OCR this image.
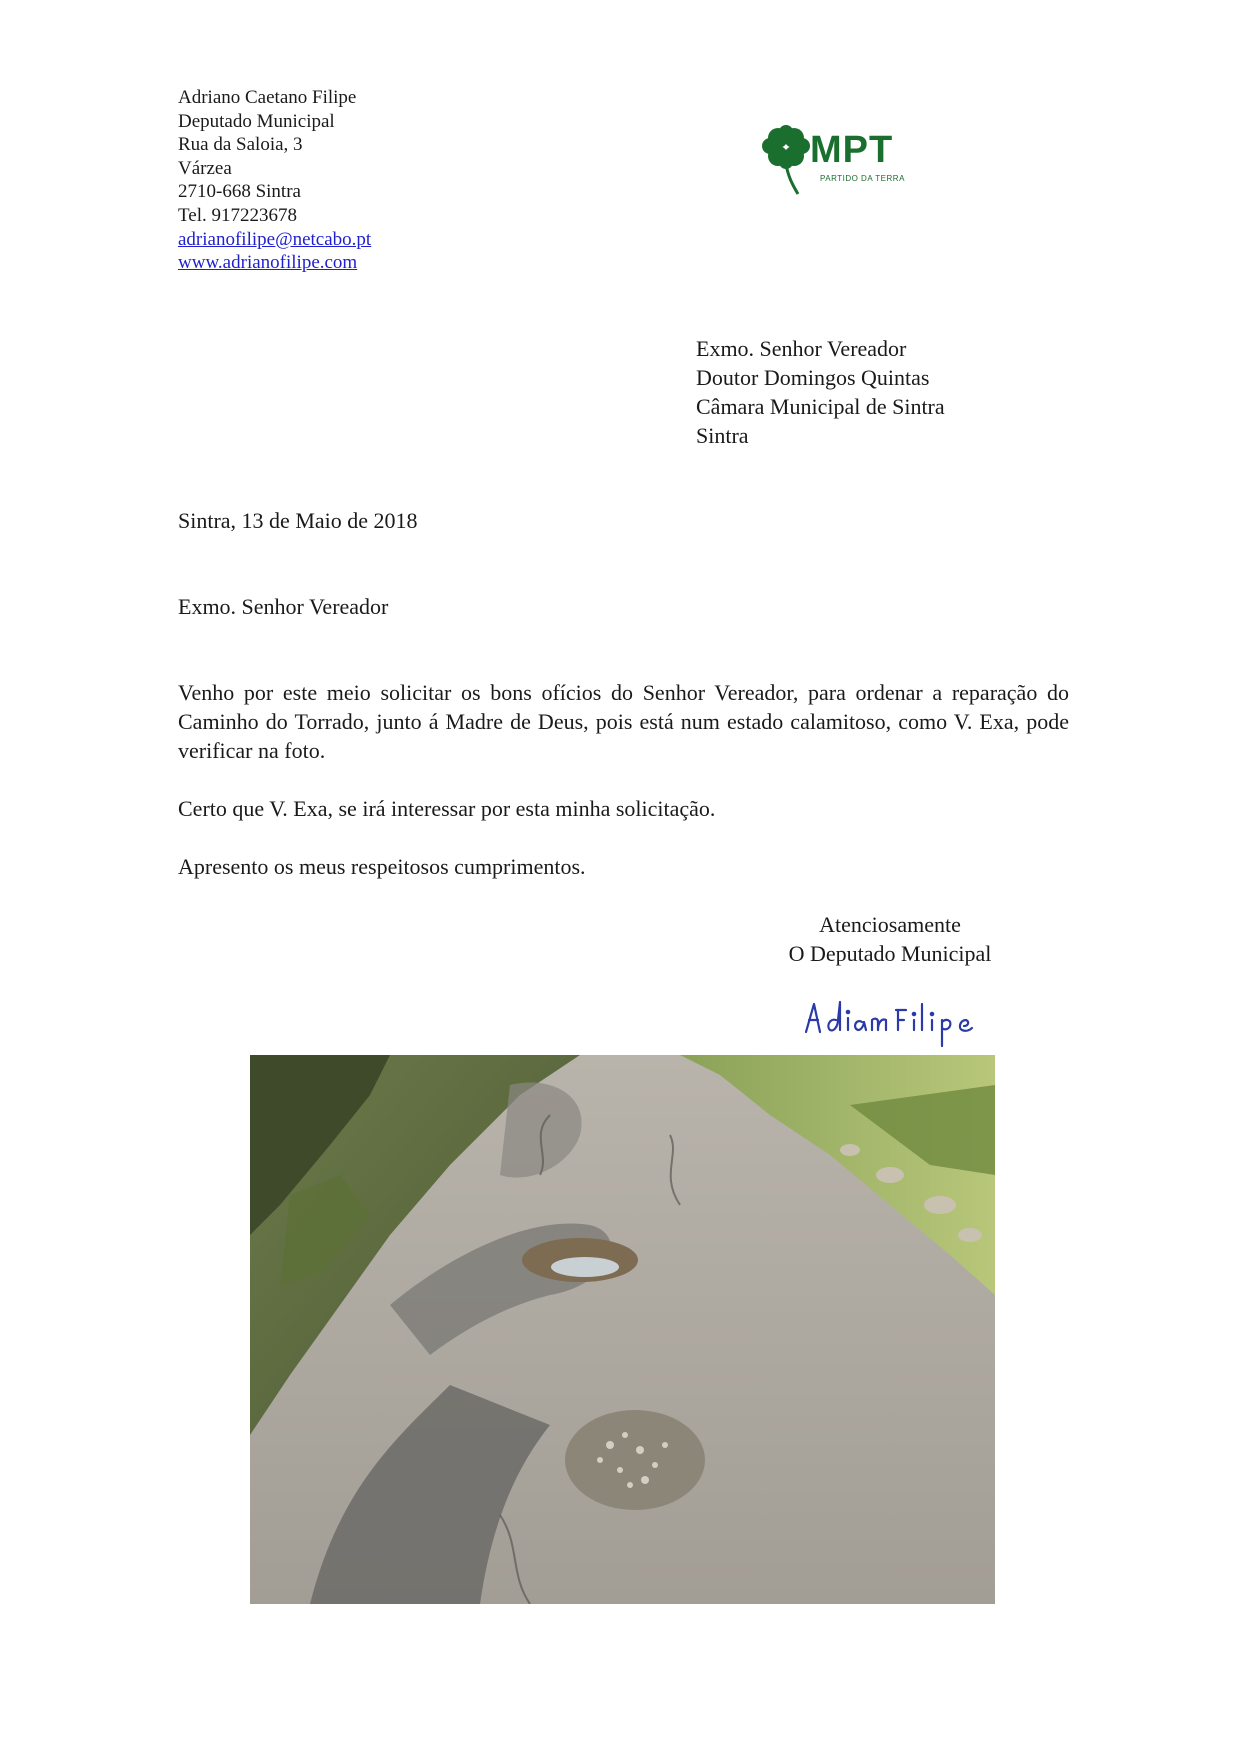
Adriano Caetano Filipe
Deputado Municipal
Rua da Saloia, 3
Várzea
2710-668 Sintra
Tel. 917223678
adrianofilipe@netcabo.pt
www.adrianofilipe.com
MPT
PARTIDO DA TERRA
Exmo. Senhor Vereador
Doutor Domingos Quintas
Câmara Municipal de Sintra
Sintra
Sintra, 13 de Maio de 2018
Exmo. Senhor Vereador

Venho por este meio solicitar os bons ofícios do Senhor Vereador, para ordenar a reparação do Caminho do Torrado, junto á Madre de Deus, pois está num estado calamitoso, como V. Exa, pode verificar na foto.

Certo que V. Exa, se irá interessar por esta minha solicitação.

Apresento os meus respeitosos cumprimentos.

Atenciosamente
O Deputado Municipal
